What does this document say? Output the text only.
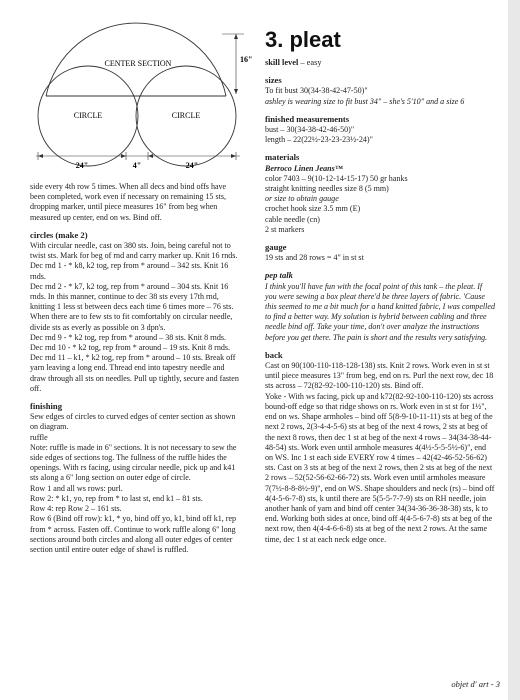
CENTER SECTION
CIRCLE	CIRCLE
16"
24"	4"	24"

side every 4th row 5 times. When all decs and bind offs have been completed, work even if necessary on remaining 15 sts, dropping marker, until piece measures 16" from beg when measured up center, end on ws. Bind off.

circles (make 2)

With circular needle, cast on 380 sts. Join, being careful not to twist sts. Mark for beg of rnd and carry marker up. Knit 16 rnds.

Dec rnd 1 - * k8, k2 tog, rep from * around – 342 sts. Knit 16 rnds.

Dec rnd 2 - * k7, k2 tog, rep from * around – 304 sts. Knit 16 rnds. In this manner, continue to dec 38 sts every 17th rnd, knitting 1 less st between decs each time 6 times more – 76 sts. When there are to few sts to fit comfortably on circular needle, divide sts as everly as possible on 3 dpn's.

Dec rnd 9 - * k2 tog, rep from * around – 38 sts. Knit 8 rnds.

Dec rnd 10 - * k2 tog, rep from * around – 19 sts. Knit 8 rnds.

Dec rnd 11 – k1, * k2 tog, rep from * around – 10 sts. Break off yarn leaving a long end. Thread end into tapestry needle and draw through all sts on needles. Pull up tightly, secure and fasten off.

finishing

Sew edges of circles to curved edges of center section as shown on diagram.

ruffle

Note: ruffle is made in 6" sections. It is not necessary to sew the side edges of sections tog. The fullness of the ruffle hides the openings. With rs facing, using circular needle, pick up and k41 sts along a 6" long section on outer edge of circle.

Row 1 and all ws rows: purl.

Row 2: * k1, yo, rep from * to last st, end k1 – 81 sts.

Row 4: rep Row 2 – 161 sts.

Row 6 (Bind off row): k1, * yo, bind off yo, k1, bind off k1, rep from * across. Fasten off. Continue to work ruffle along 6" long sections around both circles and along all outer edges of center section until entire outer edge of shawl is ruffled.

3. pleat

skill level – easy

sizes

To fit bust 30(34-38-42-47-50)"

ashley is wearing size to fit bust 34" – she's 5'10" and a size 6

finished measurements

bust – 30(34-38-42-46-50)"

length – 22(22½-23-23-23½-24)"

materials

Berroco Linen Jeans™

color 7403 – 9(10-12-14-15-17) 50 gr hanks

straight knitting needles size 8 (5 mm)

or size to obtain gauge

crochet hook size 3.5 mm (E)

cable needle (cn)

2 st markers

gauge

19 sts and 28 rows = 4" in st st

pep talk

I think you'll have fun with the focal point of this tank – the pleat. If you were sewing a box pleat there'd be three layers of fabric. 'Cause this seemed to me a bit much for a hand knitted fabric, I was compelled to find a better way. My solution is hybrid between cabling and three needle bind off. Take your time, don't over analyze the instructions before you get there. The pain is short and the results very satisfying.

back

Cast on 90(100-110-118-128-138) sts. Knit 2 rows. Work even in st st until piece measures 13" from beg, end on rs. Purl the next row, dec 18 sts across – 72(82-92-100-110-120) sts. Bind off.

Yoke - With ws facing, pick up and k72(82-92-100-110-120) sts across bound-off edge so that ridge shows on rs. Work even in st st for 1½", end on ws. Shape armholes – bind off 5(8-9-10-11-11) sts at beg of the next 2 rows, 2(3-4-4-5-6) sts at beg of the next 4 rows, 2 sts at beg of the next 8 rows, then dec 1 st at beg of the next 4 rows – 34(34-38-44-48-54) sts. Work even until armhole measures 4(4½-5-5-5½-6)", end on WS. Inc 1 st each side EVERY row 4 times – 42(42-46-52-56-62) sts. Cast on 3 sts at beg of the next 2 rows, then 2 sts at beg of the next 2 rows – 52(52-56-62-66-72) sts. Work even until armholes measure 7(7½-8-8-8½-9)", end on WS. Shape shoulders and neck (rs) – bind off 4(4-5-6-7-8) sts, k until there are 5(5-5-7-7-9) sts on RH needle, join another hank of yarn and bind off center 34(34-36-36-38-38) sts, k to end. Working both sides at once, bind off 4(4-5-6-7-8) sts at beg of the next row, then 4(4-4-6-6-8) sts at beg of the next 2 rows. At the same time, dec 1 st at each neck edge once.

objet d' art - 3
